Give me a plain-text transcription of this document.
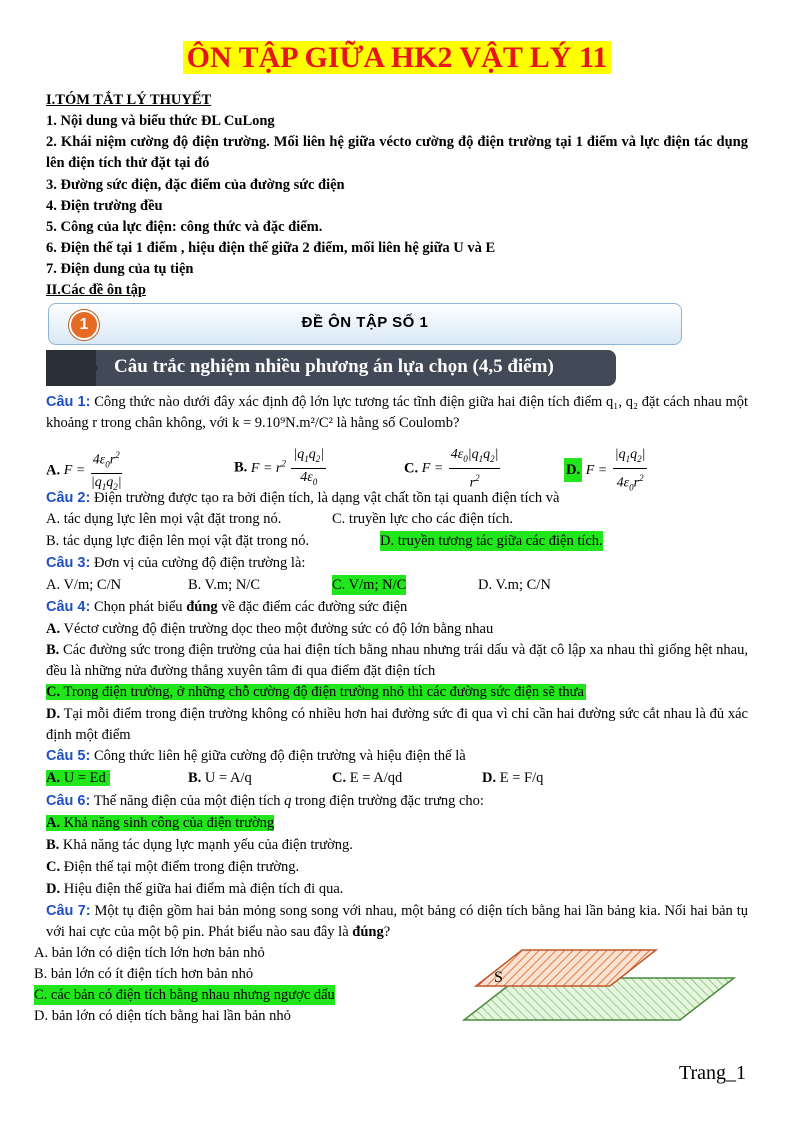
ÔN TẬP GIỮA HK2 VẬT LÝ 11
I.TÓM TẮT LÝ THUYẾT
1. Nội dung và biểu thức ĐL CuLong
2. Khái niệm cường độ điện trường. Mối liên hệ giữa vécto cường độ điện trường tại 1 điểm và lực điện tác dụng lên điện tích thử đặt tại đó
3. Đường sức điện, đặc điểm của đường sức điện
4. Điện trường đều
5. Công của lực điện: công thức và đặc điểm.
6. Điện thế tại 1 điểm , hiệu điện thế giữa 2 điểm, mối liên hệ giữa U và E
7. Điện dung của tụ tiện
II.Các đề ôn tập
1	ĐỀ ÔN TẬP SỐ 1
Câu trắc nghiệm nhiều phương án lựa chọn (4,5 điểm)
Câu 1: Công thức nào dưới đây xác định độ lớn lực tương tác tĩnh điện giữa hai điện tích điểm q₁, q₂ đặt cách nhau một khoảng r trong chân không, với k = 9.10⁹N.m²/C² là hằng số Coulomb?
A. $F = \frac{4\varepsilon_0r^2}{|q_1q_2|}$	B. $F = r^2 \frac{|q_1q_2|}{4\varepsilon_0}$	C. $F = \frac{4\varepsilon_0|q_1q_2|}{r^2}$	D. $F = \frac{|q_1q_2|}{4\varepsilon_0r^2}$
Câu 2: Điện trường được tạo ra bởi điện tích, là dạng vật chất tồn tại quanh điện tích và
A. tác dụng lực lên mọi vật đặt trong nó.	C. truyền lực cho các điện tích.
B. tác dụng lực điện lên mọi vật đặt trong nó.	D. truyền tương tác giữa các điện tích.
Câu 3: Đơn vị của cường độ điện trường là:
A. V/m; C/N	B. V.m; N/C	C. V/m; N/C	D. V.m; C/N
Câu 4: Chọn phát biểu đúng về đặc điểm các đường sức điện
A. Véctơ cường độ điện trường dọc theo một đường sức có độ lớn bằng nhau
B. Các đường sức trong điện trường của hai điện tích bằng nhau nhưng trái dấu và đặt cô lập xa nhau thì giống hệt nhau, đều là những nửa đường thẳng xuyên tâm đi qua điểm đặt điện tích
C. Trong điện trường, ở những chỗ cường độ điện trường nhỏ thì các đường sức điện sẽ thưa
D. Tại mỗi điểm trong điện trường không có nhiều hơn hai đường sức đi qua vì chỉ cần hai đường sức cắt nhau là đủ xác định một điểm
Câu 5: Công thức liên hệ giữa cường độ điện trường và hiệu điện thế là
A. U = Ed	B. U = A/q	C. E = A/qd	D. E = F/q
Câu 6: Thế năng điện của một điện tích q trong điện trường đặc trưng cho:
A. Khả năng sinh công của điện trường
B. Khả năng tác dụng lực mạnh yếu của điện trường.
C. Điện thế tại một điểm trong điện trường.
D. Hiệu điện thế giữa hai điểm mà điện tích đi qua.
Câu 7: Một tụ điện gồm hai bản mỏng song song với nhau, một bảng có diện tích bằng hai lần bảng kia. Nối hai bản tụ với hai cực của một bộ pin. Phát biểu nào sau đây là đúng?
A. bản lớn có diện tích lớn hơn bản nhỏ
B. bản lớn có ít điện tích hơn bản nhỏ
C. các bản có điện tích bằng nhau nhưng ngược dấu
D. bản lớn có diện tích bằng hai lần bản nhỏ
S
Trang_1
